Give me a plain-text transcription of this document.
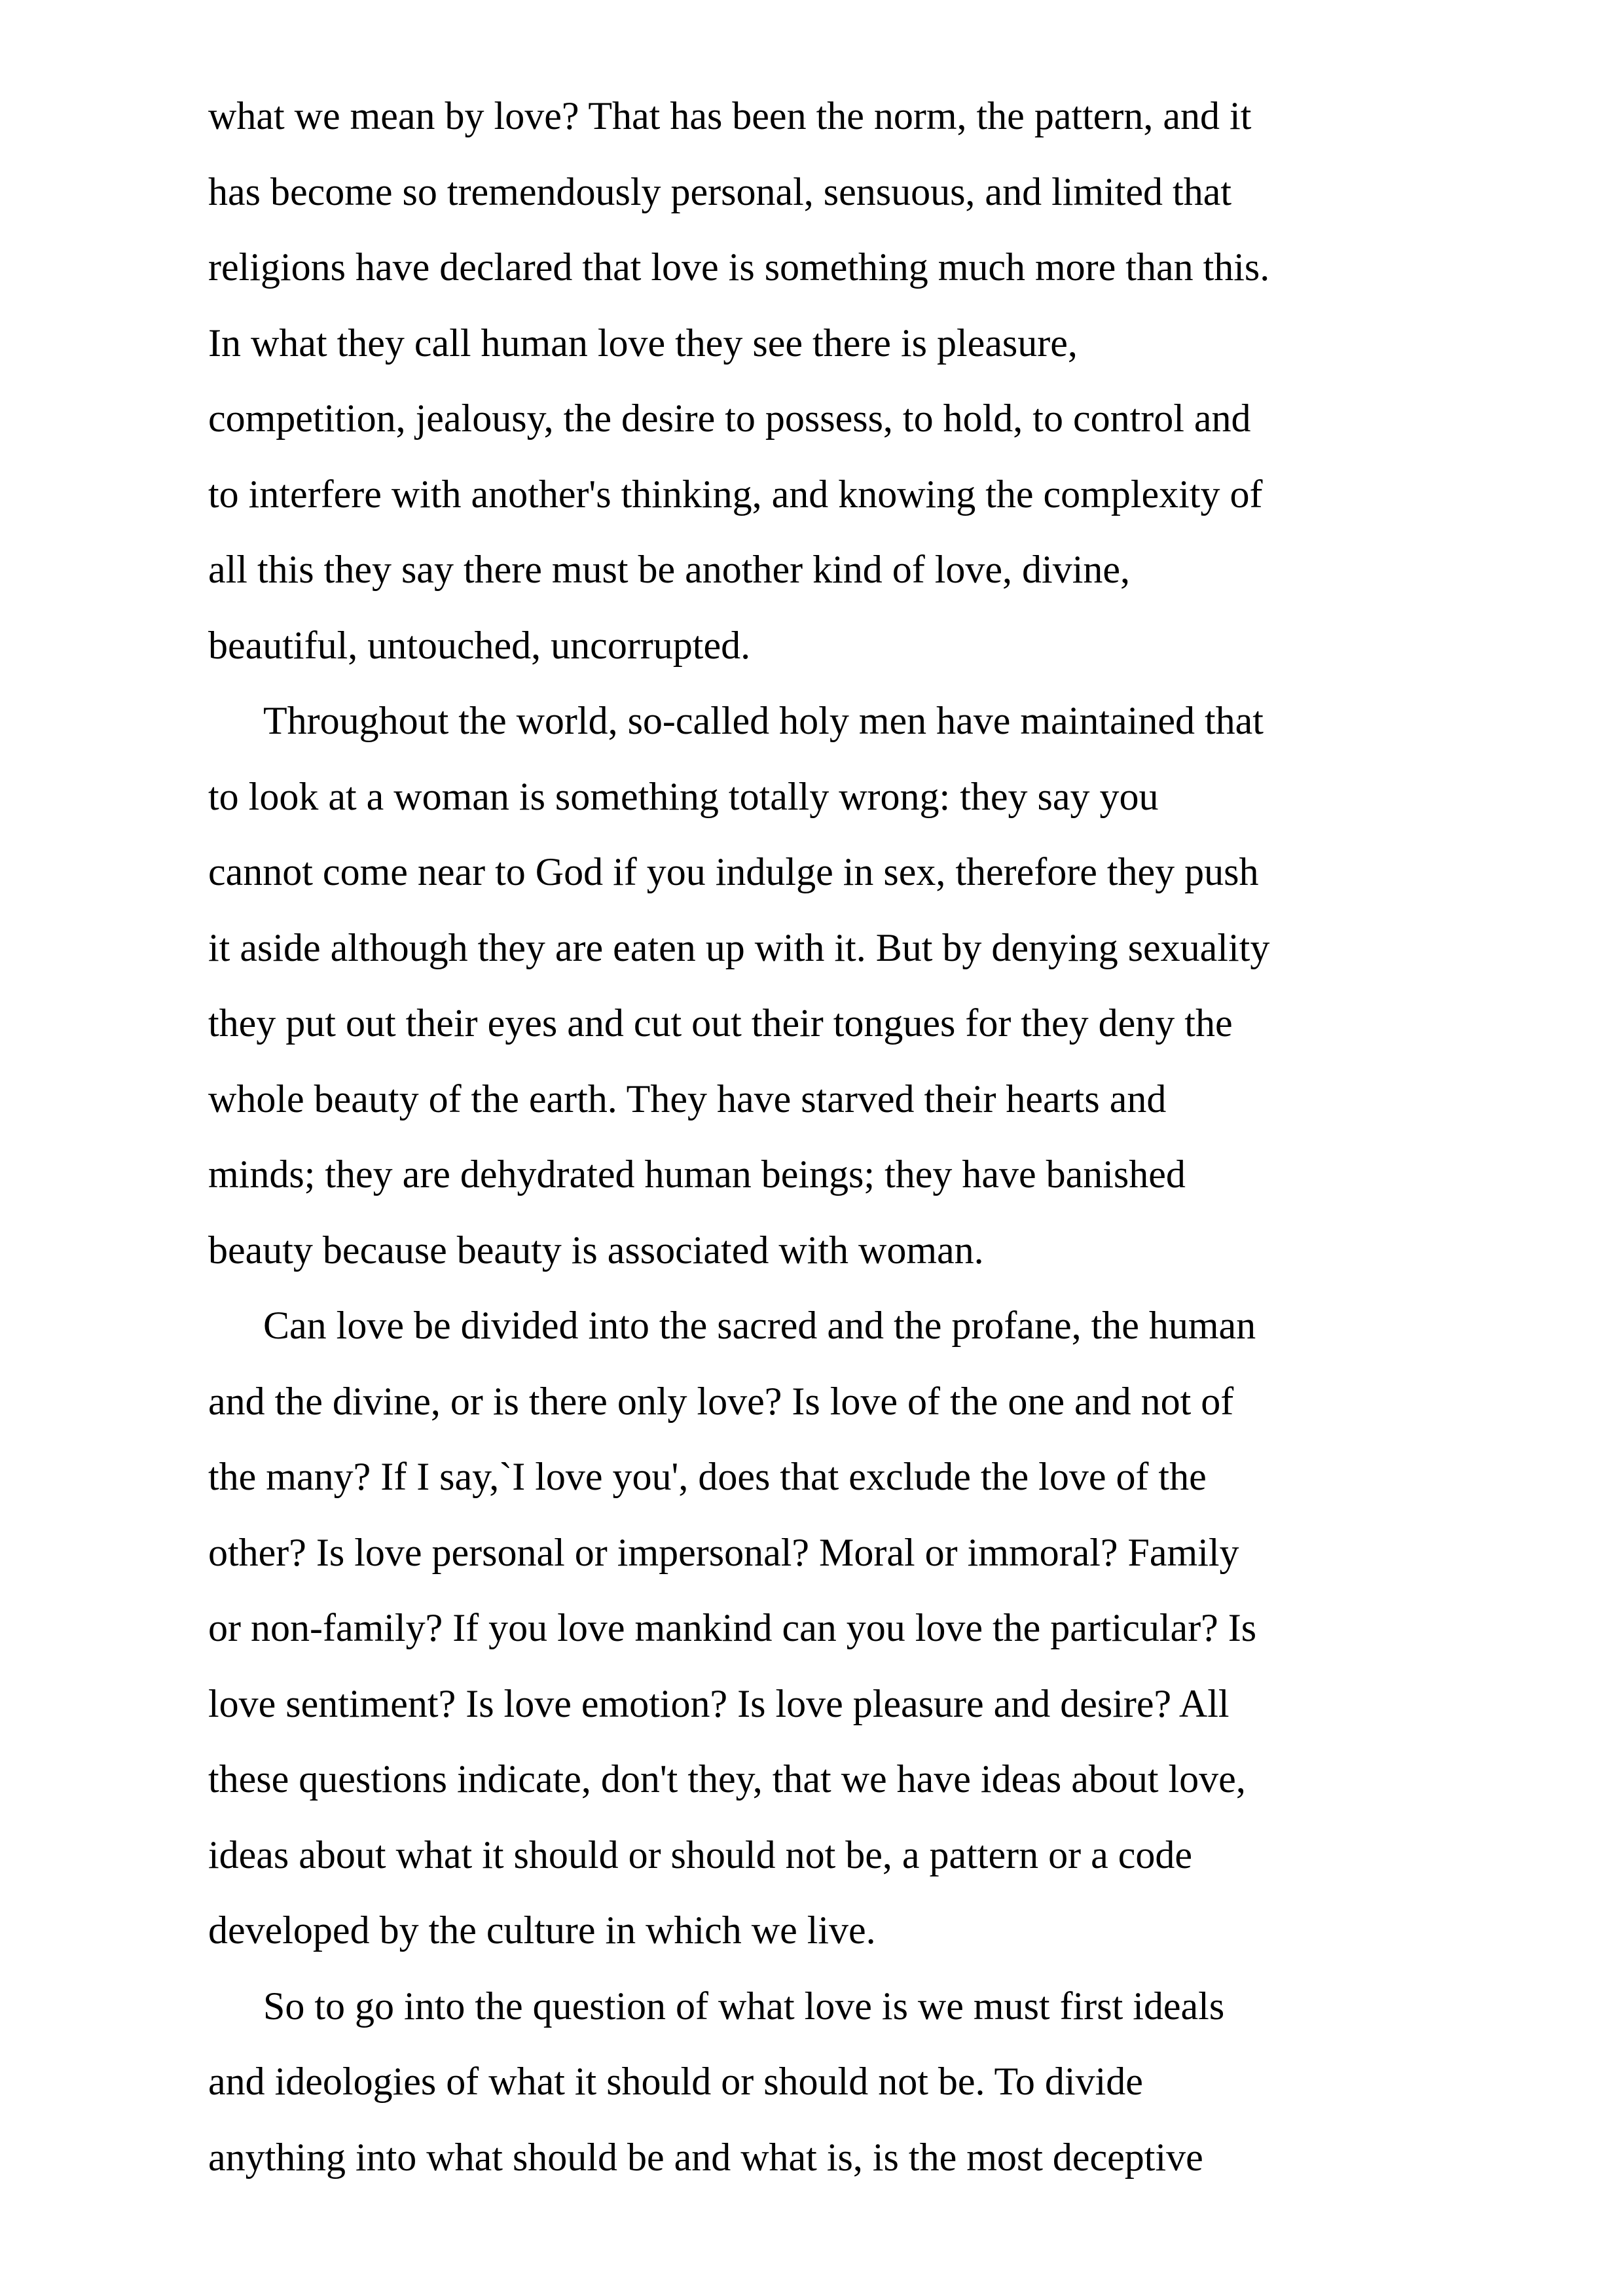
what we mean by love? That has been the norm, the pattern, and it
has become so tremendously personal, sensuous, and limited that
religions have declared that love is something much more than this.
In what they call human love they see there is pleasure,
competition, jealousy, the desire to possess, to hold, to control and
to interfere with another's thinking, and knowing the complexity of
all this they say there must be another kind of love, divine,
beautiful, untouched, uncorrupted.
Throughout the world, so-called holy men have maintained that
to look at a woman is something totally wrong: they say you
cannot come near to God if you indulge in sex, therefore they push
it aside although they are eaten up with it. But by denying sexuality
they put out their eyes and cut out their tongues for they deny the
whole beauty of the earth. They have starved their hearts and
minds; they are dehydrated human beings; they have banished
beauty because beauty is associated with woman.
Can love be divided into the sacred and the profane, the human
and the divine, or is there only love? Is love of the one and not of
the many? If I say,`I love you', does that exclude the love of the
other? Is love personal or impersonal? Moral or immoral? Family
or non-family? If you love mankind can you love the particular? Is
love sentiment? Is love emotion? Is love pleasure and desire? All
these questions indicate, don't they, that we have ideas about love,
ideas about what it should or should not be, a pattern or a code
developed by the culture in which we live.
So to go into the question of what love is we must first ideals
and ideologies of what it should or should not be. To divide
anything into what should be and what is, is the most deceptive
